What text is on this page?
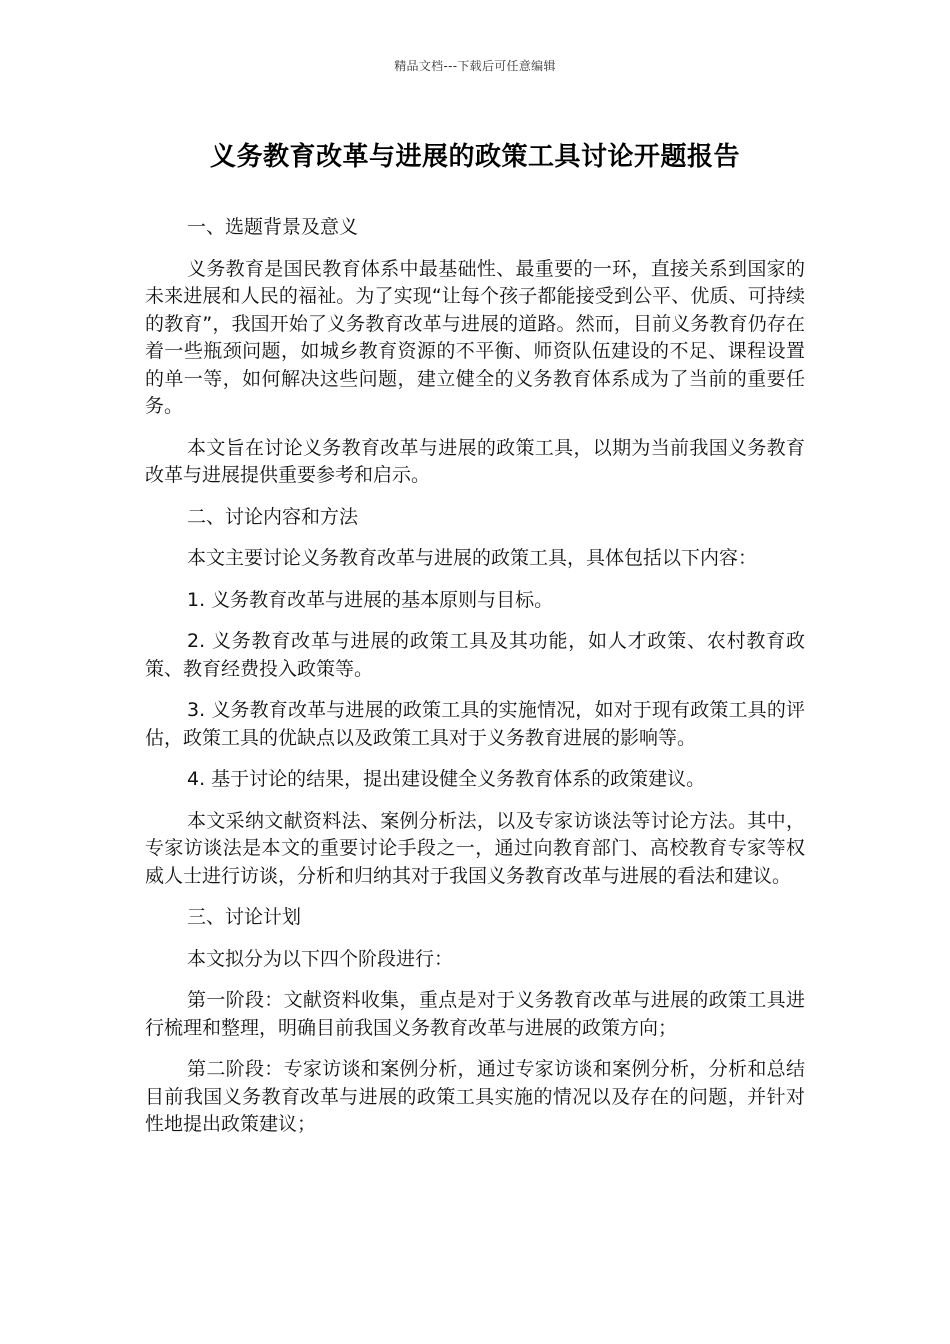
精品文档---下载后可任意编辑
义务教育改革与进展的政策工具讨论开题报告

一、选题背景及意义

义务教育是国民教育体系中最基础性、最重要的一环，直接关系到国家的未来进展和人民的福祉。为了实现“让每个孩子都能接受到公平、优质、可持续的教育”，我国开始了义务教育改革与进展的道路。然而，目前义务教育仍存在着一些瓶颈问题，如城乡教育资源的不平衡、师资队伍建设的不足、课程设置的单一等，如何解决这些问题，建立健全的义务教育体系成为了当前的重要任务。

本文旨在讨论义务教育改革与进展的政策工具，以期为当前我国义务教育改革与进展提供重要参考和启示。

二、讨论内容和方法

本文主要讨论义务教育改革与进展的政策工具，具体包括以下内容：

1. 义务教育改革与进展的基本原则与目标。

2. 义务教育改革与进展的政策工具及其功能，如人才政策、农村教育政策、教育经费投入政策等。

3. 义务教育改革与进展的政策工具的实施情况，如对于现有政策工具的评估，政策工具的优缺点以及政策工具对于义务教育进展的影响等。

4. 基于讨论的结果，提出建设健全义务教育体系的政策建议。

本文采纳文献资料法、案例分析法，以及专家访谈法等讨论方法。其中，专家访谈法是本文的重要讨论手段之一，通过向教育部门、高校教育专家等权威人士进行访谈，分析和归纳其对于我国义务教育改革与进展的看法和建议。

三、讨论计划

本文拟分为以下四个阶段进行：

第一阶段：文献资料收集，重点是对于义务教育改革与进展的政策工具进行梳理和整理，明确目前我国义务教育改革与进展的政策方向；

第二阶段：专家访谈和案例分析，通过专家访谈和案例分析，分析和总结目前我国义务教育改革与进展的政策工具实施的情况以及存在的问题，并针对性地提出政策建议；
